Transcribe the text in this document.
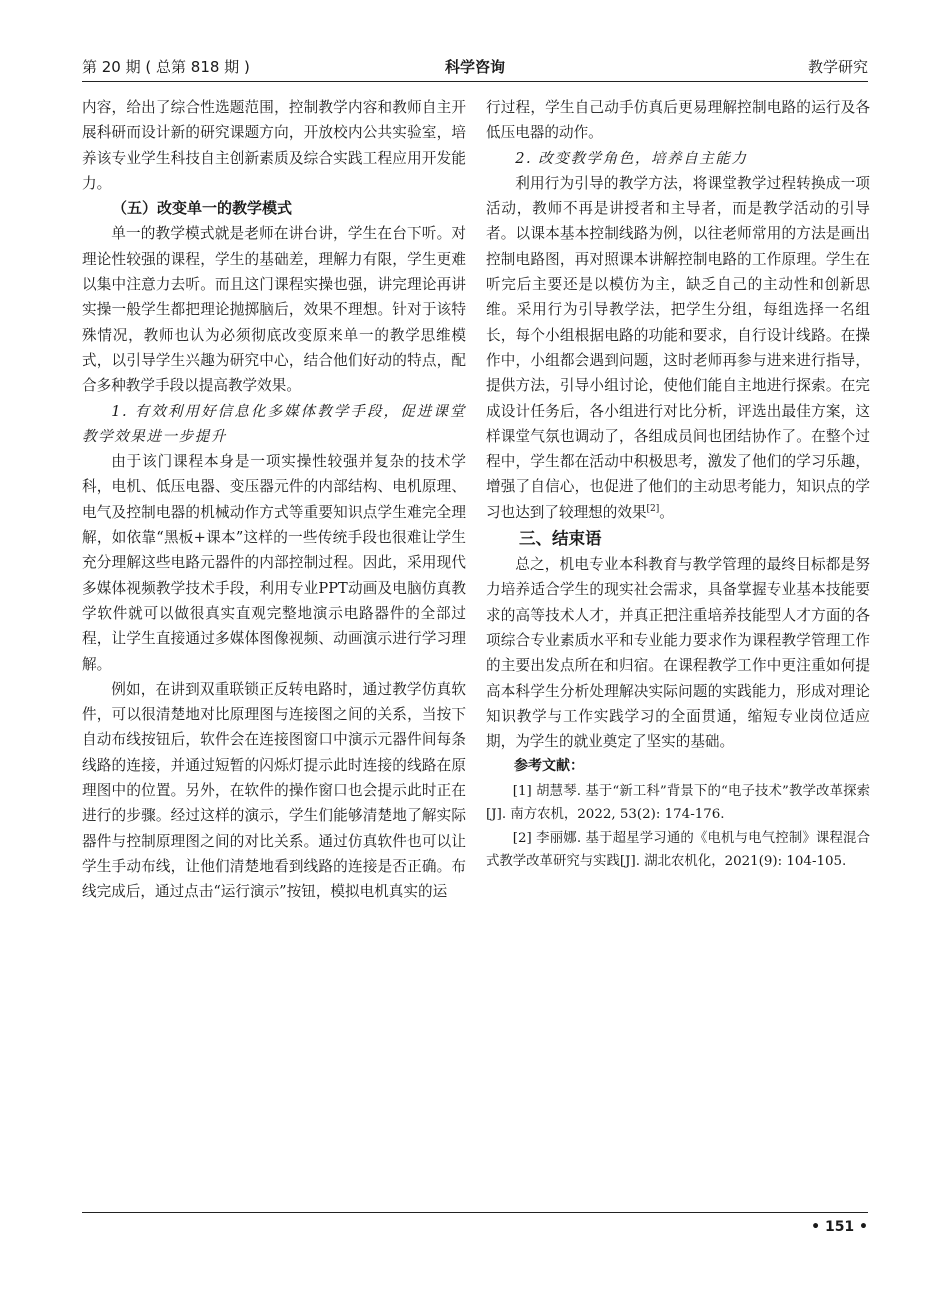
第 20 期 ( 总第 818 期 )	科学咨询	教学研究

内容，给出了综合性选题范围，控制教学内容和教师自主开展科研而设计新的研究课题方向，开放校内公共实验室，培养该专业学生科技自主创新素质及综合实践工程应用开发能力。

（五）改变单一的教学模式

单一的教学模式就是老师在讲台讲，学生在台下听。对理论性较强的课程，学生的基础差，理解力有限，学生更难以集中注意力去听。而且这门课程实操也强，讲完理论再讲实操一般学生都把理论抛掷脑后，效果不理想。针对于该特殊情况，教师也认为必须彻底改变原来单一的教学思维模式，以引导学生兴趣为研究中心，结合他们好动的特点，配合多种教学手段以提高教学效果。

1. 有效利用好信息化多媒体教学手段，促进课堂教学效果进一步提升

由于该门课程本身是一项实操性较强并复杂的技术学科，电机、低压电器、变压器元件的内部结构、电机原理、电气及控制电器的机械动作方式等重要知识点学生难完全理解，如依靠“黑板+课本”这样的一些传统手段也很难让学生充分理解这些电路元器件的内部控制过程。因此，采用现代多媒体视频教学技术手段，利用专业PPT动画及电脑仿真教学软件就可以做很真实直观完整地演示电路器件的全部过程，让学生直接通过多媒体图像视频、动画演示进行学习理解。

例如，在讲到双重联锁正反转电路时，通过教学仿真软件，可以很清楚地对比原理图与连接图之间的关系，当按下自动布线按钮后，软件会在连接图窗口中演示元器件间每条线路的连接，并通过短暂的闪烁灯提示此时连接的线路在原理图中的位置。另外，在软件的操作窗口也会提示此时正在进行的步骤。经过这样的演示，学生们能够清楚地了解实际器件与控制原理图之间的对比关系。通过仿真软件也可以让学生手动布线，让他们清楚地看到线路的连接是否正确。布线完成后，通过点击“运行演示”按钮，模拟电机真实的运

行过程，学生自己动手仿真后更易理解控制电路的运行及各低压电器的动作。

2. 改变教学角色，培养自主能力

利用行为引导的教学方法，将课堂教学过程转换成一项活动，教师不再是讲授者和主导者，而是教学活动的引导者。以课本基本控制线路为例，以往老师常用的方法是画出控制电路图，再对照课本讲解控制电路的工作原理。学生在听完后主要还是以模仿为主，缺乏自己的主动性和创新思维。采用行为引导教学法，把学生分组，每组选择一名组长，每个小组根据电路的功能和要求，自行设计线路。在操作中，小组都会遇到问题，这时老师再参与进来进行指导，提供方法，引导小组讨论，使他们能自主地进行探索。在完成设计任务后，各小组进行对比分析，评选出最佳方案，这样课堂气氛也调动了，各组成员间也团结协作了。在整个过程中，学生都在活动中积极思考，激发了他们的学习乐趣，增强了自信心，也促进了他们的主动思考能力，知识点的学习也达到了较理想的效果[2]。

三、结束语

总之，机电专业本科教育与教学管理的最终目标都是努力培养适合学生的现实社会需求，具备掌握专业基本技能要求的高等技术人才，并真正把注重培养技能型人才方面的各项综合专业素质水平和专业能力要求作为课程教学管理工作的主要出发点所在和归宿。在课程教学工作中更注重如何提高本科学生分析处理解决实际问题的实践能力，形成对理论知识教学与工作实践学习的全面贯通，缩短专业岗位适应期，为学生的就业奠定了坚实的基础。

参考文献：

[1] 胡慧琴. 基于“新工科”背景下的“电子技术”教学改革探索[J]. 南方农机，2022, 53(2): 174-176.

[2] 李丽娜. 基于超星学习通的《电机与电气控制》课程混合式教学改革研究与实践[J]. 湖北农机化，2021(9): 104-105.

• 151 •
